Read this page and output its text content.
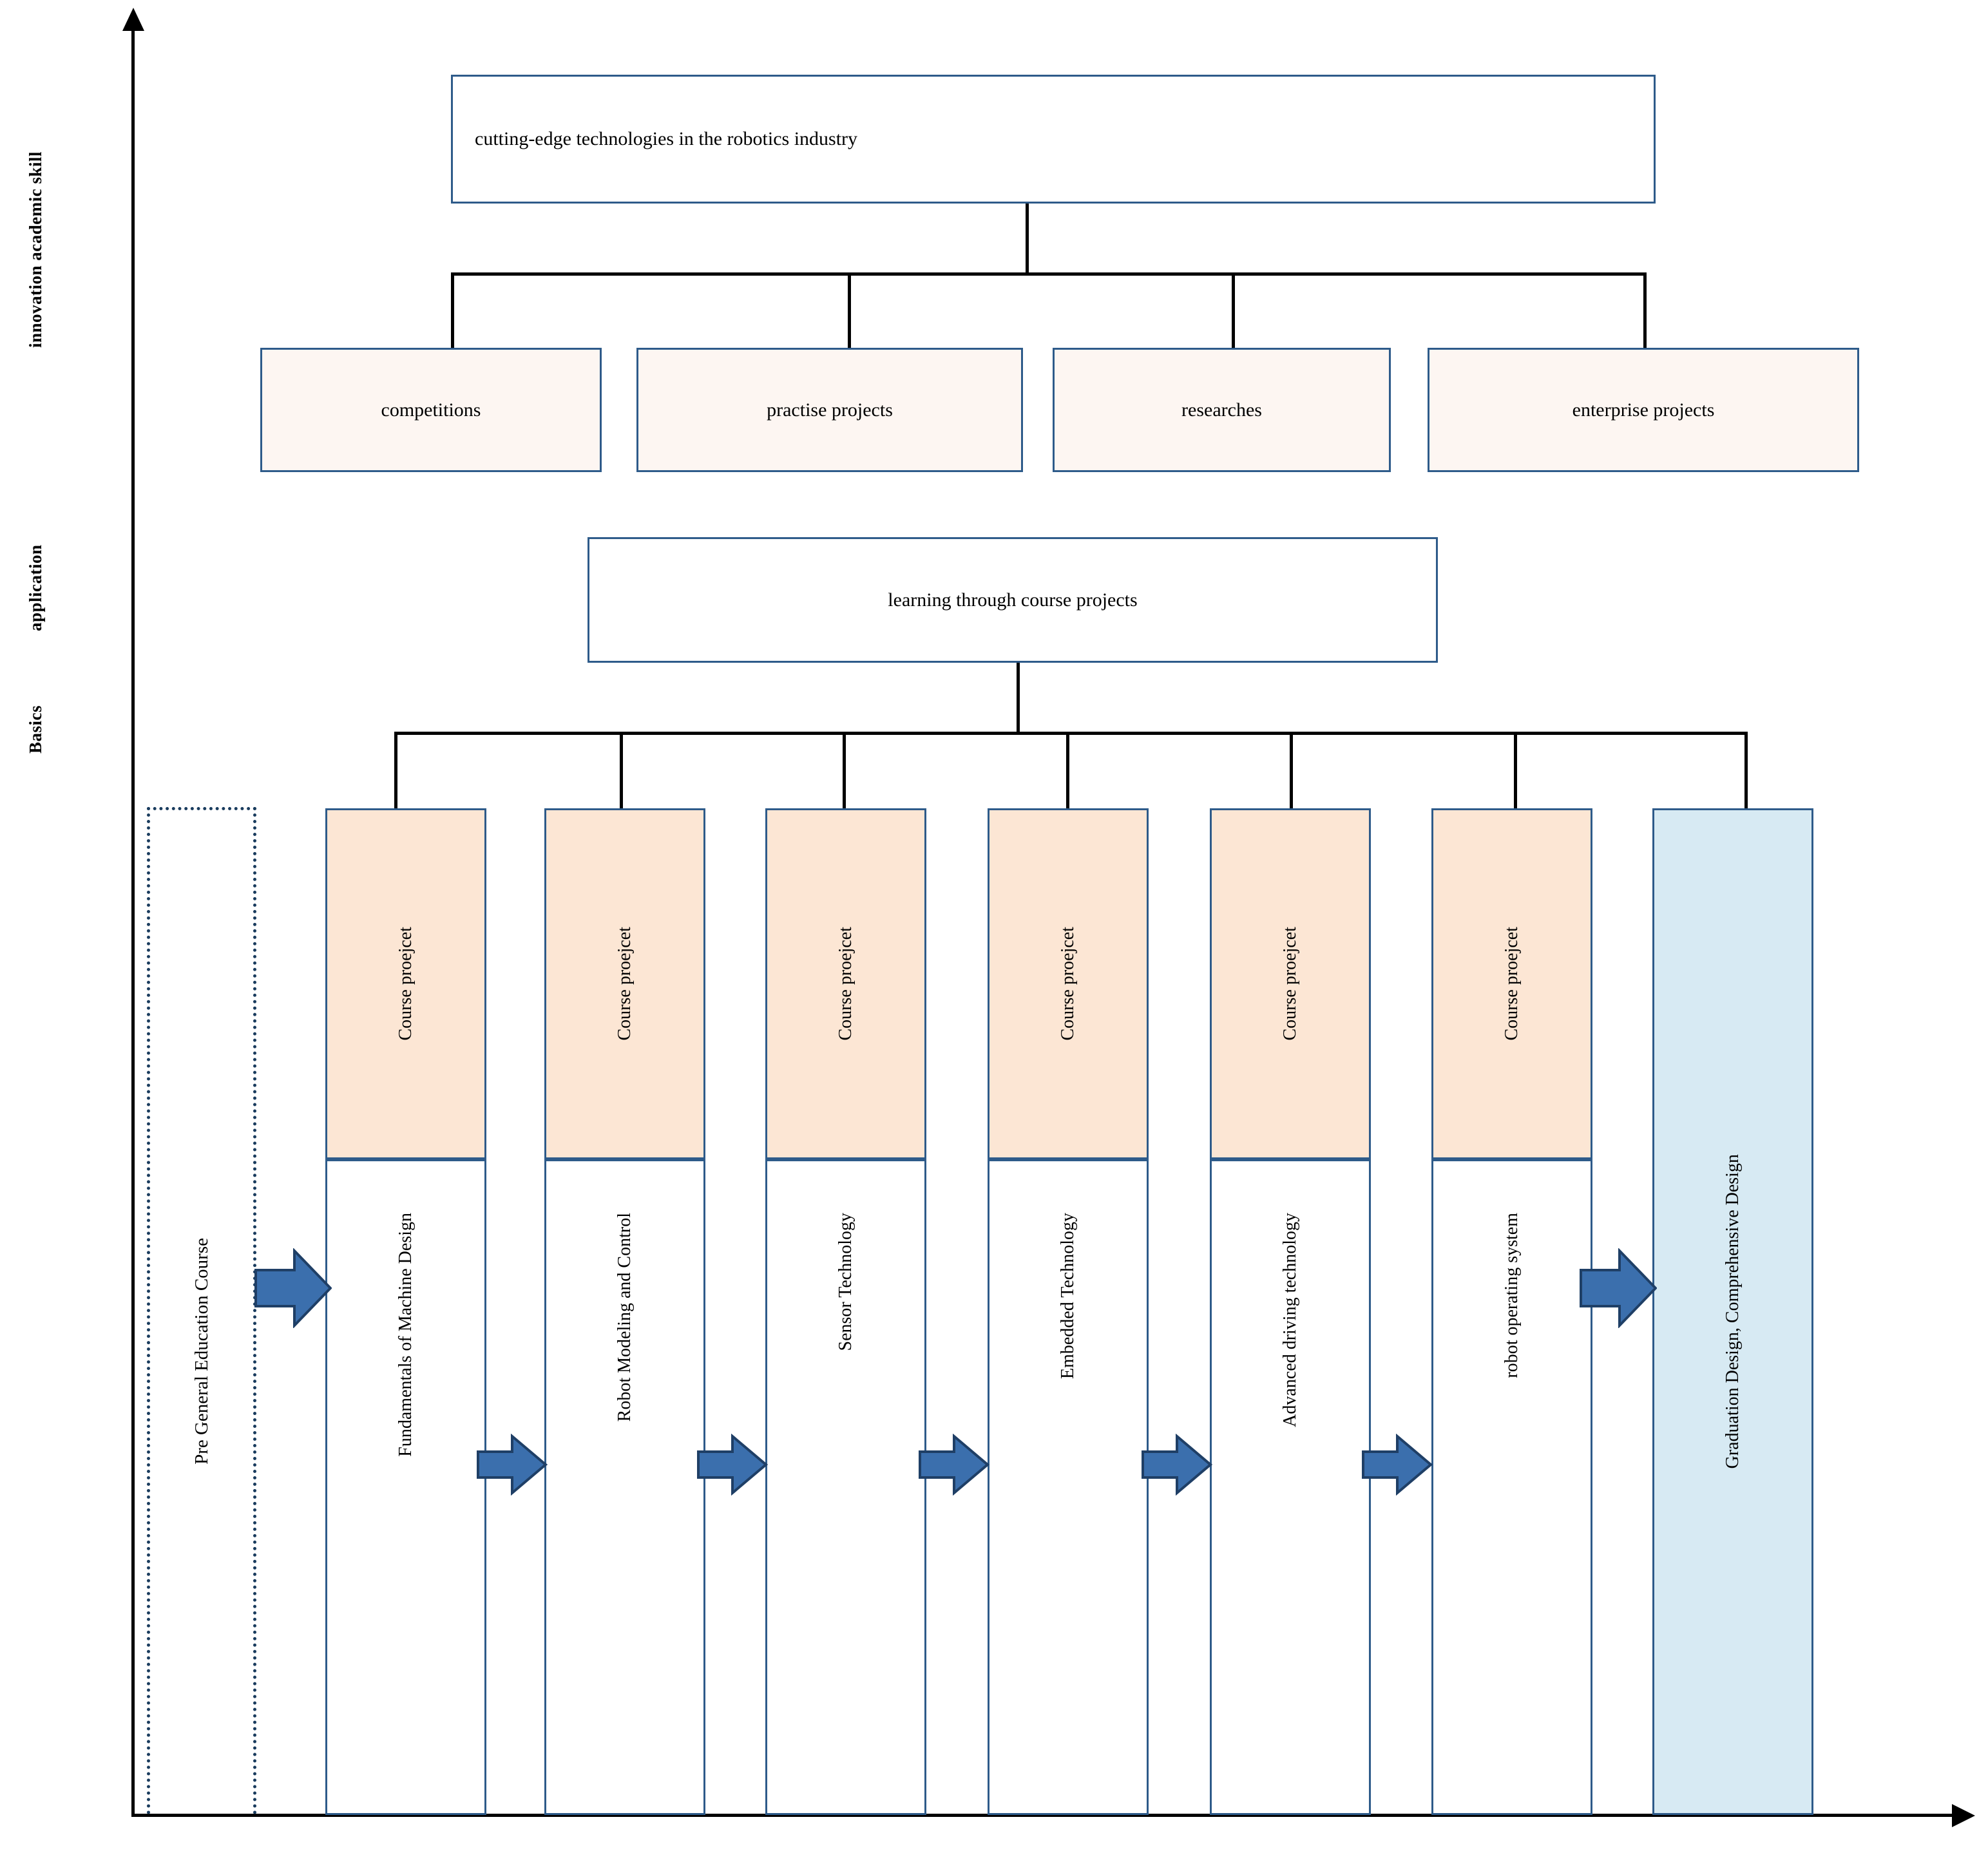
innovation academic skill
application
Basics
cutting-edge technologies in the robotics industry
competitions	practise projects	researches	enterprise projects
learning through course projects
Pre General Education Course
Course proejcet
Fundamentals of Machine Design
Course proejcet
Robot Modeling and Control
Course proejcet
Sensor Technology
Course proejcet
Embedded Technology
Course proejcet
Advanced driving technology
Course proejcet
robot operating system	Graduation Design, Comprehensive Design
